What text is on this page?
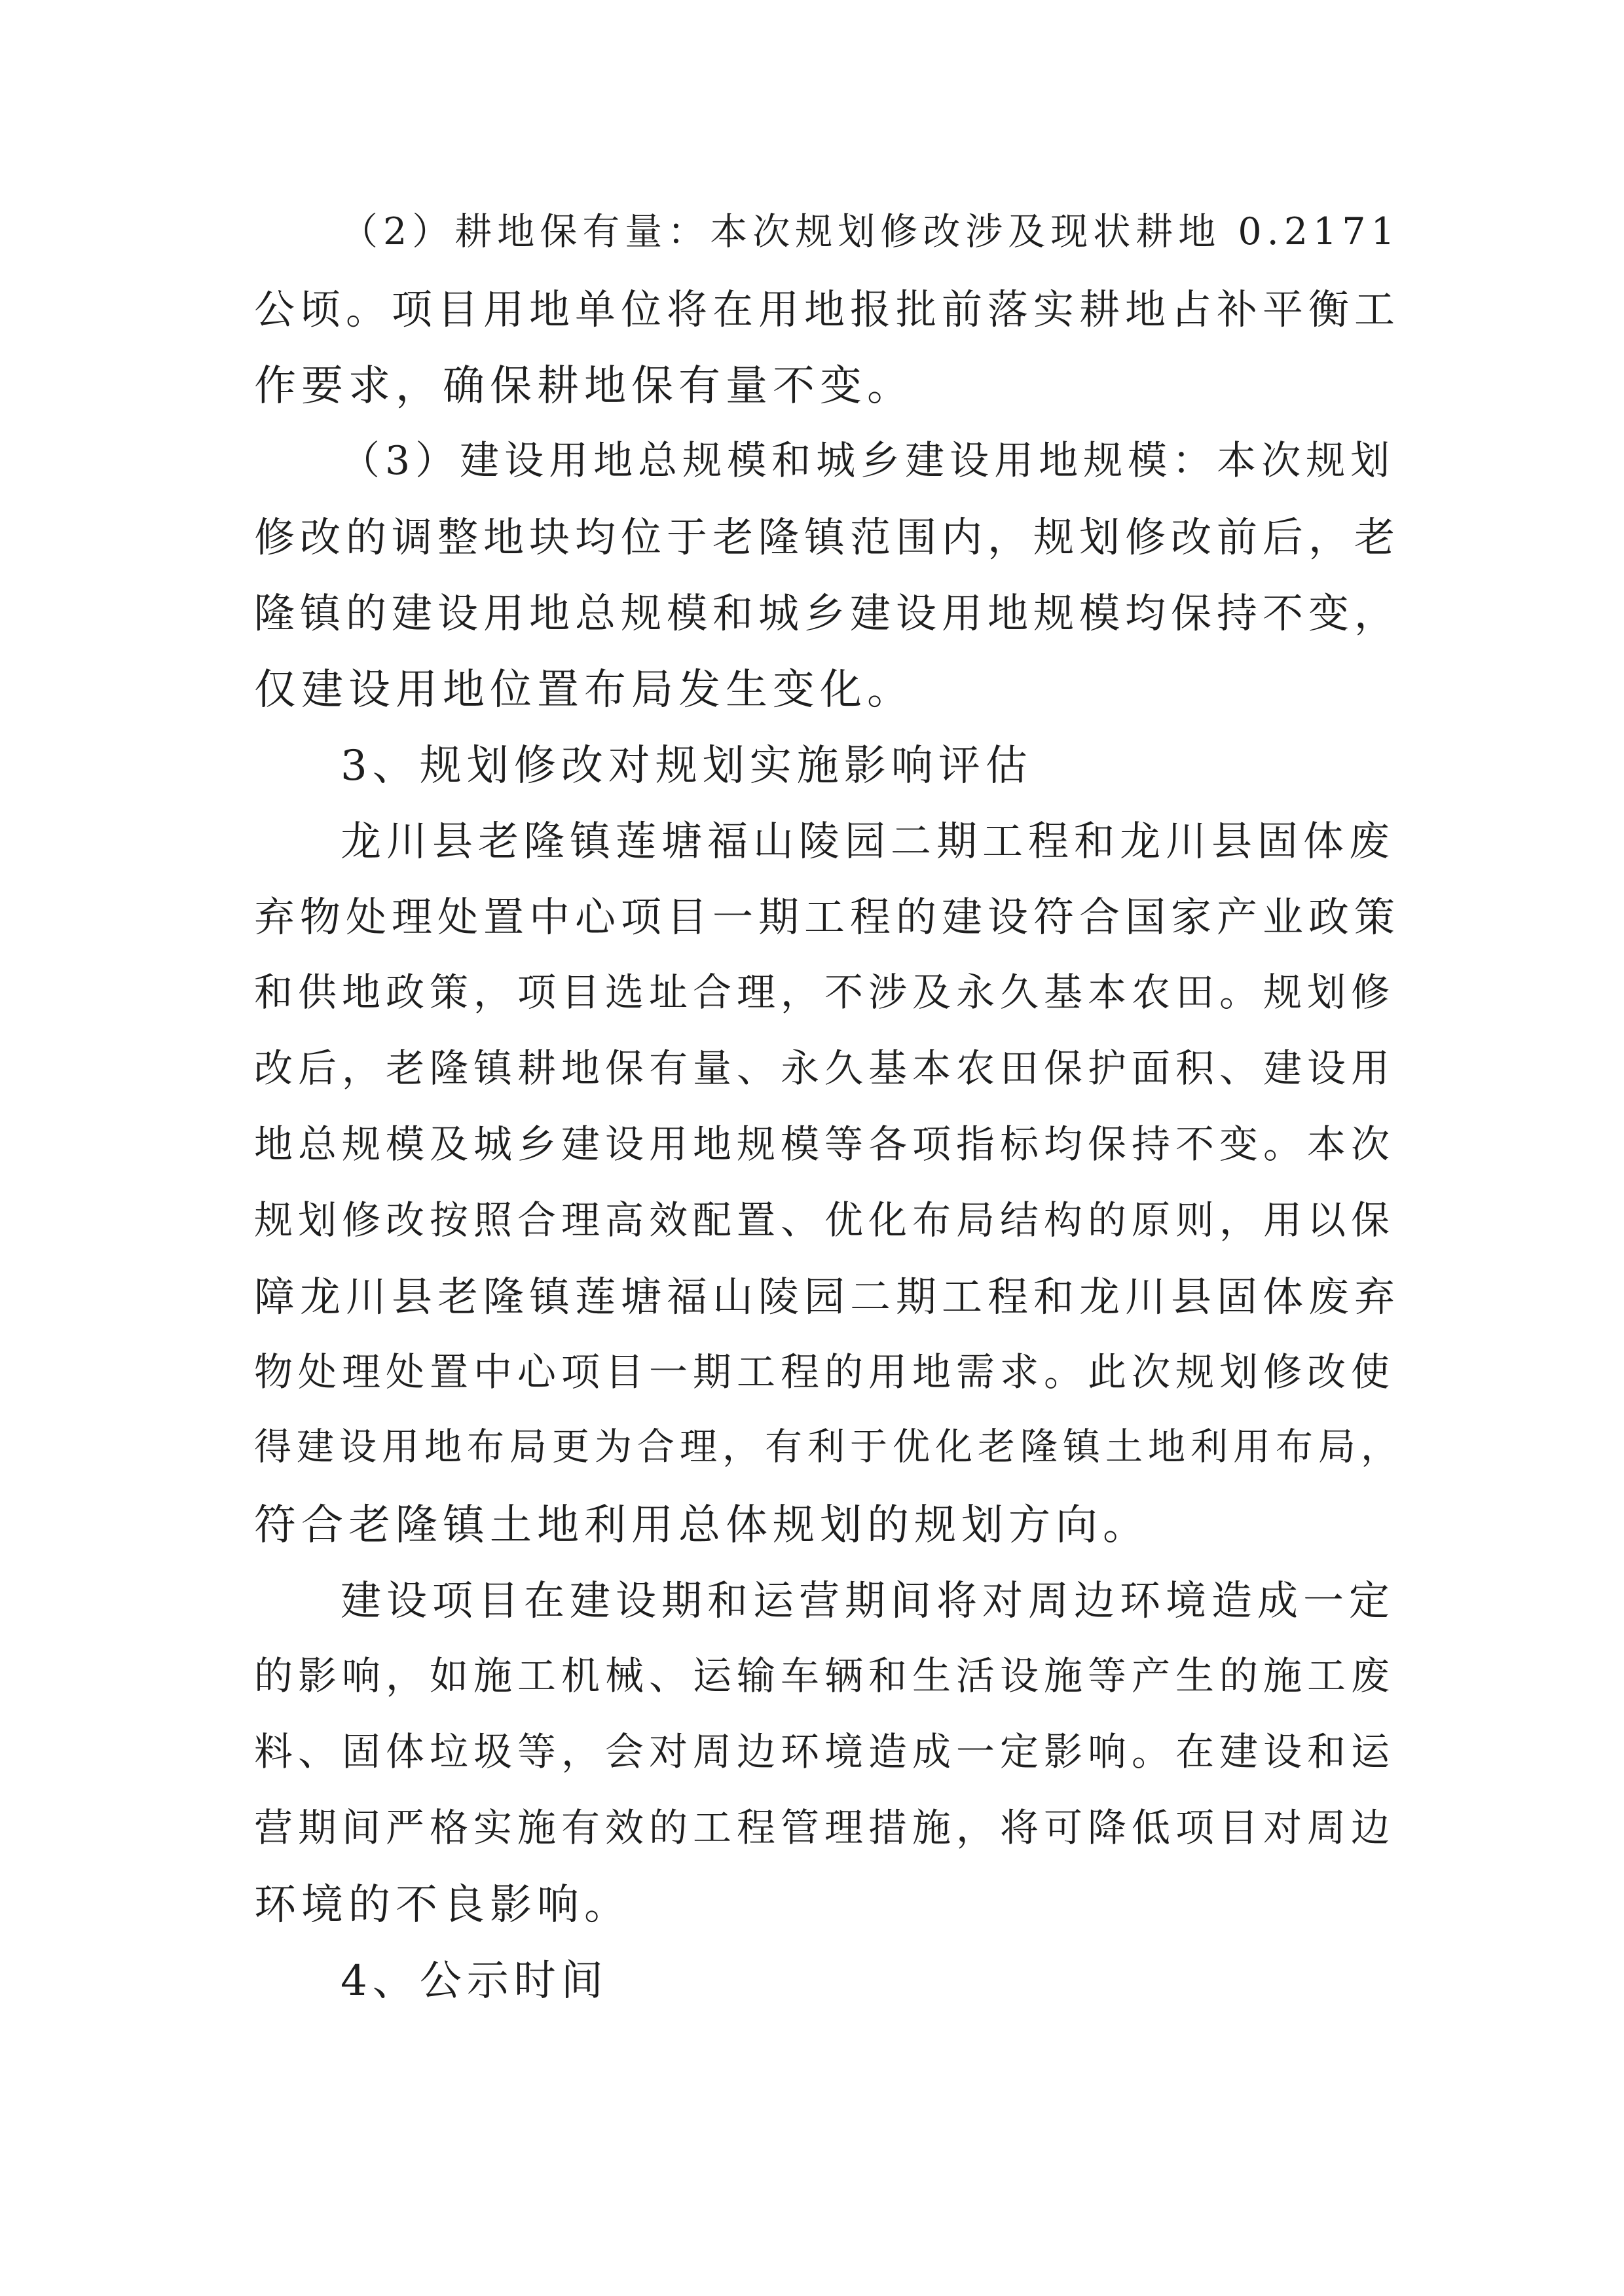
（2）耕地保有量：本次规划修改涉及现状耕地 0.2171
公顷。项目用地单位将在用地报批前落实耕地占补平衡工
作要求，确保耕地保有量不变。
（3）建设用地总规模和城乡建设用地规模：本次规划
修改的调整地块均位于老隆镇范围内，规划修改前后，老
隆镇的建设用地总规模和城乡建设用地规模均保持不变，
仅建设用地位置布局发生变化。
3、规划修改对规划实施影响评估
龙川县老隆镇莲塘福山陵园二期工程和龙川县固体废
弃物处理处置中心项目一期工程的建设符合国家产业政策
和供地政策，项目选址合理，不涉及永久基本农田。规划修
改后，老隆镇耕地保有量、永久基本农田保护面积、建设用
地总规模及城乡建设用地规模等各项指标均保持不变。本次
规划修改按照合理高效配置、优化布局结构的原则，用以保
障龙川县老隆镇莲塘福山陵园二期工程和龙川县固体废弃
物处理处置中心项目一期工程的用地需求。此次规划修改使
得建设用地布局更为合理，有利于优化老隆镇土地利用布局，
符合老隆镇土地利用总体规划的规划方向。
建设项目在建设期和运营期间将对周边环境造成一定
的影响，如施工机械、运输车辆和生活设施等产生的施工废
料、固体垃圾等，会对周边环境造成一定影响。在建设和运
营期间严格实施有效的工程管理措施，将可降低项目对周边
环境的不良影响。
4、公示时间
